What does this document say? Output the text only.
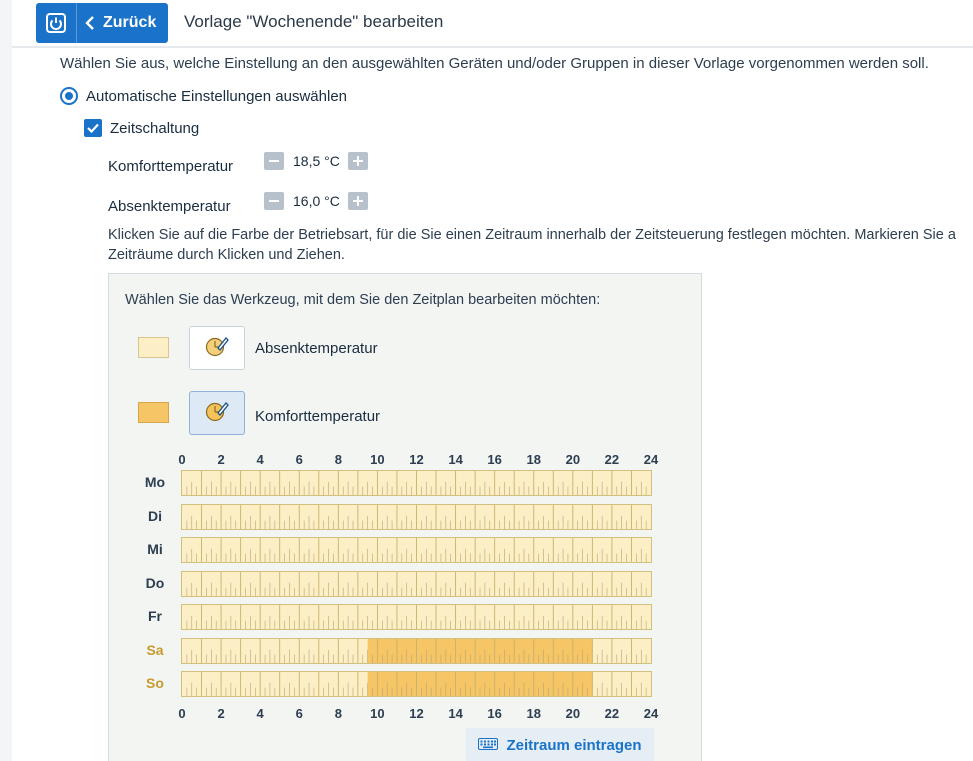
Zurück Vorlage "Wochenende" bearbeiten
Wählen Sie aus, welche Einstellung an den ausgewählten Geräten und/oder Gruppen in dieser Vorlage vorgenommen werden soll.
Automatische Einstellungen auswählen
Zeitschaltung
Komforttemperatur	18,5 °C
Absenktemperatur	16,0 °C
Klicken Sie auf die Farbe der Betriebsart, für die Sie einen Zeitraum innerhalb der Zeitsteuerung festlegen möchten. Markieren Sie a
Zeiträume durch Klicken und Ziehen.
Wählen Sie das Werkzeug, mit dem Sie den Zeitplan bearbeiten möchten:
Absenktemperatur
Komforttemperatur
0 2 4 6 8 10 12 14 16 18 20 22 24
Mo
Di
Mi
Do
Fr
Sa
So
0 2 4 6 8 10 12 14 16 18 20 22 24
Zeitraum eintragen
